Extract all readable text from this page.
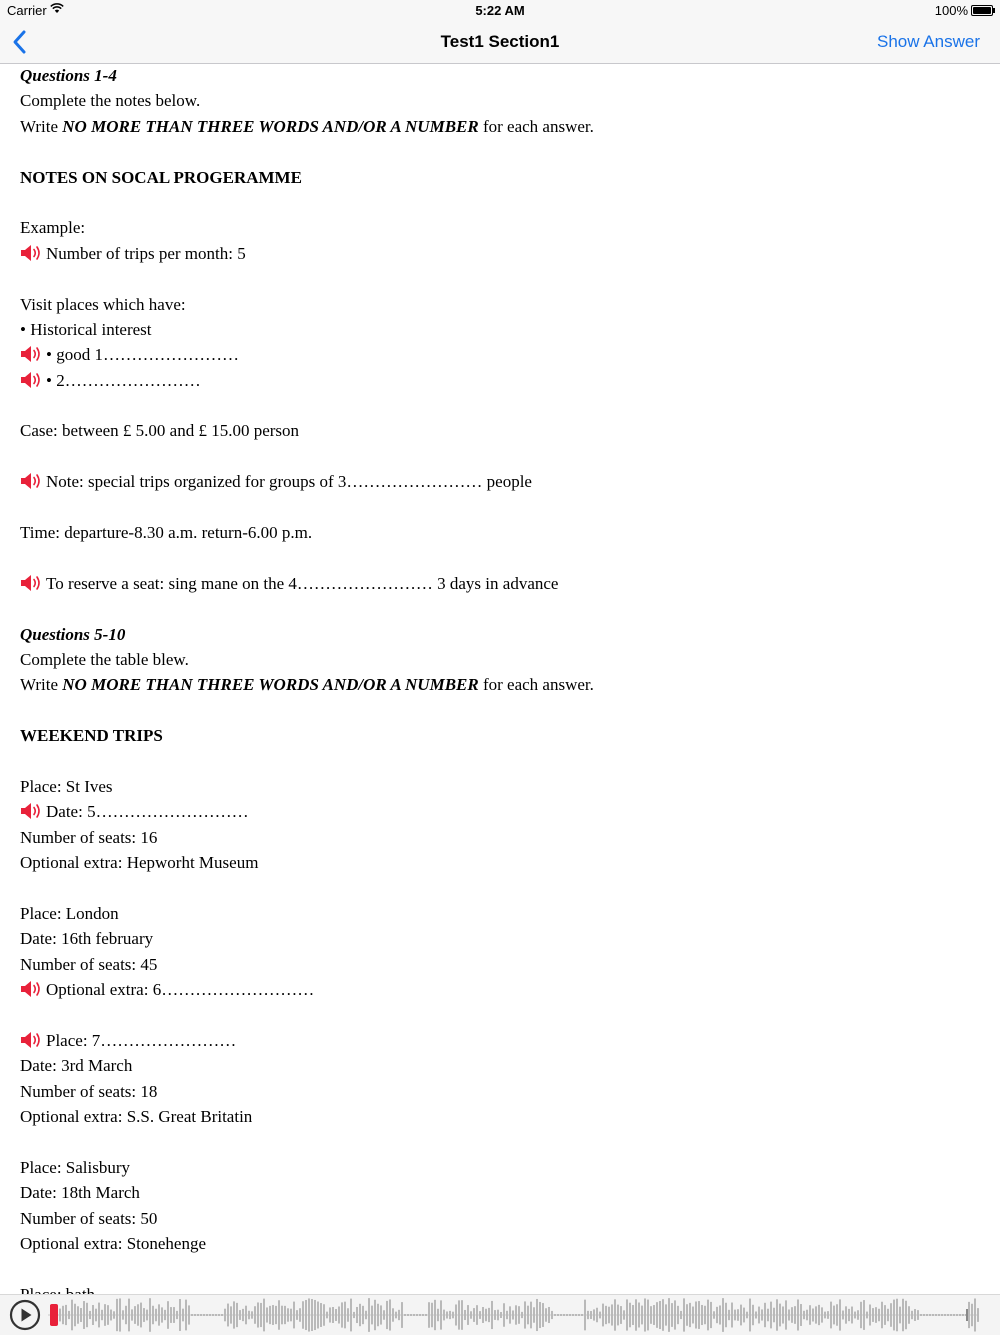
Carrier	5:22 AM	100%
Test1 Section1	Show Answer
Questions 1-4
Complete the notes below.
Write NO MORE THAN THREE WORDS AND/OR A NUMBER for each answer.
NOTES ON SOCAL PROGERAMME
Example:
Number of trips per month: 5
Visit places which have:
• Historical interest
• good 1……………………
• 2……………………
Case: between £ 5.00 and £ 15.00 person
Note: special trips organized for groups of 3…………………… people
Time: departure-8.30 a.m. return-6.00 p.m.
To reserve a seat: sing mane on the 4…………………… 3 days in advance
Questions 5-10
Complete the table blew.
Write NO MORE THAN THREE WORDS AND/OR A NUMBER for each answer.
WEEKEND TRIPS
Place: St Ives
Date: 5………………………
Number of seats: 16
Optional extra: Hepworht Museum
Place: London
Date: 16th february
Number of seats: 45
Optional extra: 6………………………
Place: 7……………………
Date: 3rd March
Number of seats: 18
Optional extra: S.S. Great Britatin
Place: Salisbury
Date: 18th March
Number of seats: 50
Optional extra: Stonehenge
